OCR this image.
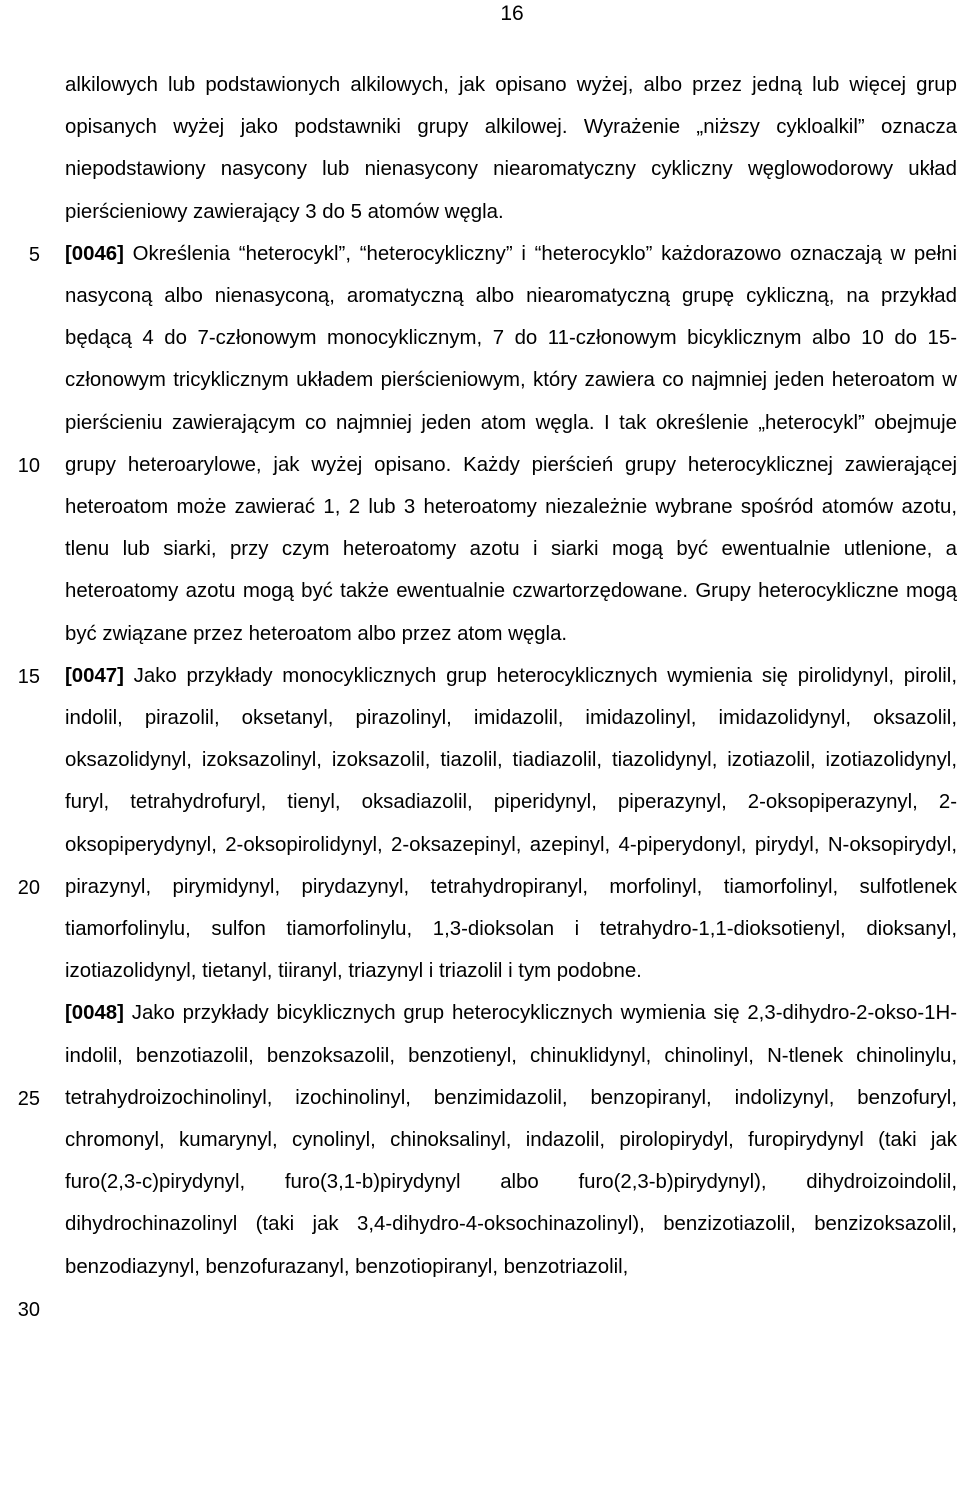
16
5
10
15
20
25
30

alkilowych lub podstawionych alkilowych, jak opisano wyżej, albo przez jedną lub więcej grup opisanych wyżej jako podstawniki grupy alkilowej. Wyrażenie „niższy cykloalkil” oznacza niepodstawiony nasycony lub nienasycony niearomatyczny cykliczny węglowodorowy układ pierścieniowy zawierający 3 do 5 atomów węgla.

[0046] Określenia “heterocykl”, “heterocykliczny” i “heterocyklo” każdorazowo oznaczają w pełni nasyconą albo nienasyconą, aromatyczną albo niearomatyczną grupę cykliczną, na przykład będącą 4 do 7-członowym monocyklicznym, 7 do 11-członowym bicyklicznym albo 10 do 15-członowym tricyklicznym układem pierścieniowym, który zawiera co najmniej jeden heteroatom w pierścieniu zawierającym co najmniej jeden atom węgla. I tak określenie „heterocykl” obejmuje grupy heteroarylowe, jak wyżej opisano. Każdy pierścień grupy heterocyklicznej zawierającej heteroatom może zawierać 1, 2 lub 3 heteroatomy niezależnie wybrane spośród atomów azotu, tlenu lub siarki, przy czym heteroatomy azotu i siarki mogą być ewentualnie utlenione, a heteroatomy azotu mogą być także ewentualnie czwartorzędowane. Grupy heterocykliczne mogą być związane przez heteroatom albo przez atom węgla.

[0047] Jako przykłady monocyklicznych grup heterocyklicznych wymienia się pirolidynyl, pirolil, indolil, pirazolil, oksetanyl, pirazolinyl, imidazolil, imidazolinyl, imidazolidynyl, oksazolil, oksazolidynyl, izoksazolinyl, izoksazolil, tiazolil, tiadiazolil, tiazolidynyl, izotiazolil, izotiazolidynyl, furyl, tetrahydrofuryl, tienyl, oksadiazolil, piperidynyl, piperazynyl, 2-oksopiperazynyl, 2-oksopiperydynyl, 2-oksopirolidynyl, 2-oksazepinyl, azepinyl, 4-piperydonyl, pirydyl, N-oksopirydyl, pirazynyl, pirymidynyl, pirydazynyl, tetrahydropiranyl, morfolinyl, tiamorfolinyl, sulfotlenek tiamorfolinylu, sulfon tiamorfolinylu, 1,3-dioksolan i tetrahydro-1,1-dioksotienyl, dioksanyl, izotiazolidynyl, tietanyl, tiiranyl, triazynyl i triazolil i tym podobne.

[0048] Jako przykłady bicyklicznych grup heterocyklicznych wymienia się 2,3-dihydro-2-okso-1H-indolil, benzotiazolil, benzoksazolil, benzotienyl, chinuklidynyl, chinolinyl, N-tlenek chinolinylu, tetrahydroizochinolinyl, izochinolinyl, benzimidazolil, benzopiranyl, indolizynyl, benzofuryl, chromonyl, kumarynyl, cynolinyl, chinoksalinyl, indazolil, pirolopirydyl, furopirydynyl (taki jak furo(2,3-c)pirydynyl, furo(3,1-b)pirydynyl albo furo(2,3-b)pirydynyl), dihydroizoindolil, dihydrochinazolinyl (taki jak 3,4-dihydro-4-oksochinazolinyl), benzizotiazolil, benzizoksazolil, benzodiazynyl, benzofurazanyl, benzotiopiranyl, benzotriazolil,
